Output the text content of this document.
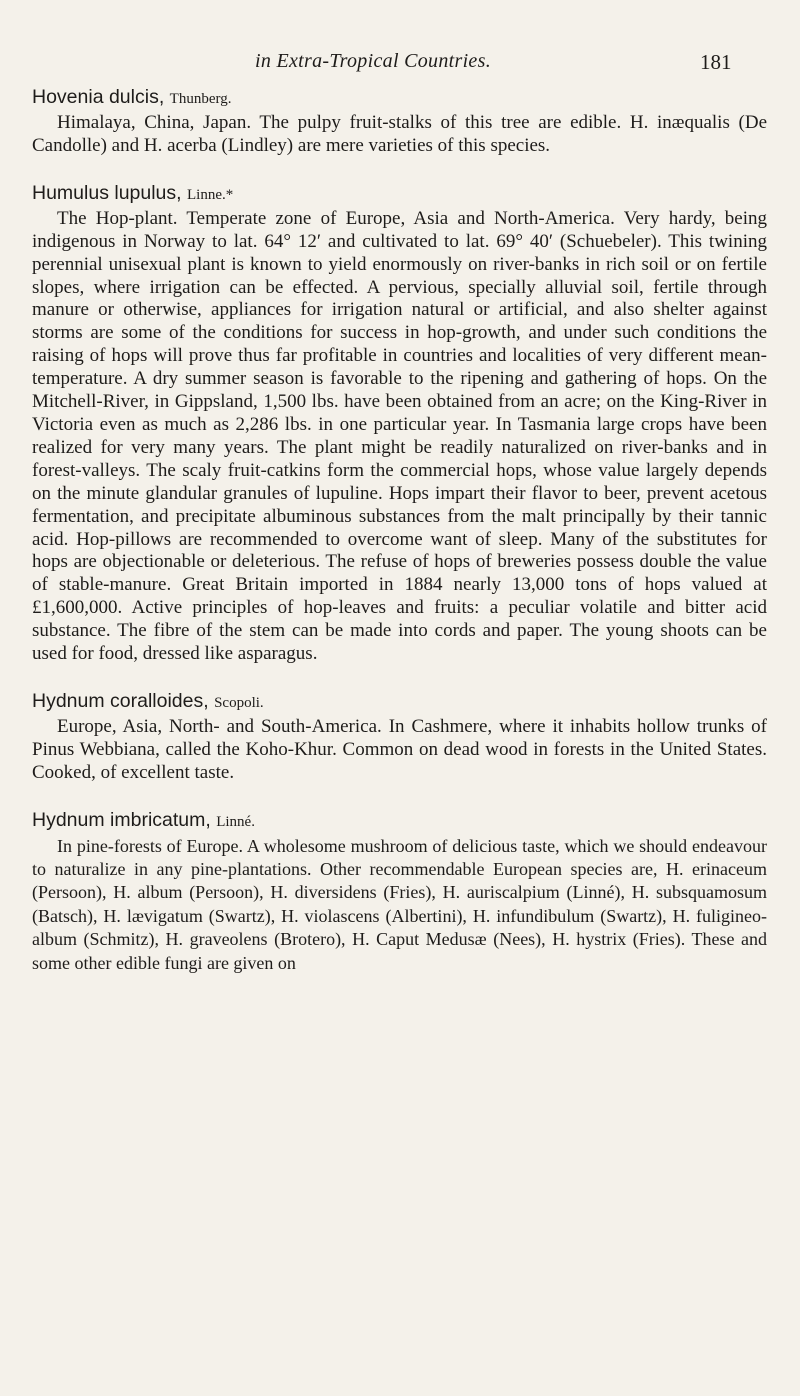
in Extra-Tropical Countries.	181
Hovenia dulcis, Thunberg.

Himalaya, China, Japan. The pulpy fruit-stalks of this tree are edible. H. inæqualis (De Candolle) and H. acerba (Lindley) are mere varieties of this species.

Humulus lupulus, Linne.*

The Hop-plant. Temperate zone of Europe, Asia and North-America. Very hardy, being indigenous in Norway to lat. 64° 12′ and cultivated to lat. 69° 40′ (Schuebeler). This twining perennial unisexual plant is known to yield enormously on river-banks in rich soil or on fertile slopes, where irrigation can be effected. A pervious, specially alluvial soil, fertile through manure or otherwise, appliances for irrigation natural or artificial, and also shelter against storms are some of the conditions for success in hop-growth, and under such conditions the raising of hops will prove thus far profitable in countries and localities of very different mean-temperature. A dry summer season is favorable to the ripening and gathering of hops. On the Mitchell-River, in Gippsland, 1,500 lbs. have been obtained from an acre; on the King-River in Victoria even as much as 2,286 lbs. in one particular year. In Tasmania large crops have been realized for very many years. The plant might be readily naturalized on river-banks and in forest-valleys. The scaly fruit-catkins form the commercial hops, whose value largely depends on the minute glandular granules of lupuline. Hops impart their flavor to beer, prevent acetous fermentation, and precipitate albuminous substances from the malt principally by their tannic acid. Hop-pillows are recommended to overcome want of sleep. Many of the substitutes for hops are objectionable or deleterious. The refuse of hops of breweries possess double the value of stable-manure. Great Britain imported in 1884 nearly 13,000 tons of hops valued at £1,600,000. Active principles of hop-leaves and fruits: a peculiar volatile and bitter acid substance. The fibre of the stem can be made into cords and paper. The young shoots can be used for food, dressed like asparagus.

Hydnum coralloides, Scopoli.

Europe, Asia, North- and South-America. In Cashmere, where it inhabits hollow trunks of Pinus Webbiana, called the Koho-Khur. Common on dead wood in forests in the United States. Cooked, of excellent taste.

Hydnum imbricatum, Linné.

In pine-forests of Europe. A wholesome mushroom of delicious taste, which we should endeavour to naturalize in any pine-plantations. Other recommendable European species are, H. erinaceum (Persoon), H. album (Persoon), H. diversidens (Fries), H. auriscalpium (Linné), H. subsquamosum (Batsch), H. lævigatum (Swartz), H. violascens (Albertini), H. infundibulum (Swartz), H. fuligineo-album (Schmitz), H. graveolens (Brotero), H. Caput Medusæ (Nees), H. hystrix (Fries). These and some other edible fungi are given on
